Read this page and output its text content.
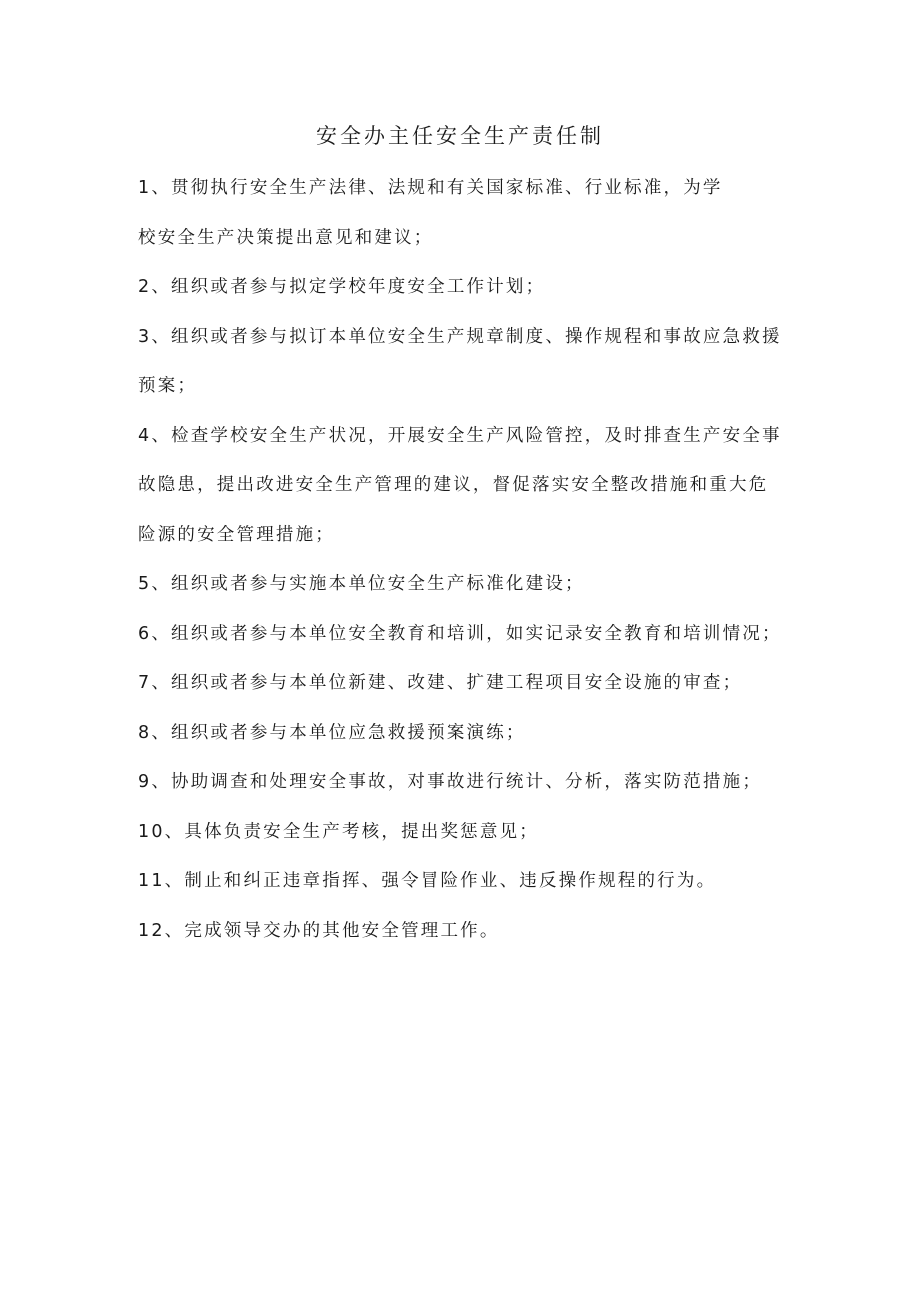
安全办主任安全生产责任制
1、贯彻执行安全生产法律、法规和有关国家标准、行业标准，为学
校安全生产决策提出意见和建议；
2、组织或者参与拟定学校年度安全工作计划；
3、组织或者参与拟订本单位安全生产规章制度、操作规程和事故应急救援
预案；
4、检查学校安全生产状况，开展安全生产风险管控，及时排查生产安全事
故隐患，提出改进安全生产管理的建议，督促落实安全整改措施和重大危
险源的安全管理措施；
5、组织或者参与实施本单位安全生产标准化建设；
6、组织或者参与本单位安全教育和培训，如实记录安全教育和培训情况；
7、组织或者参与本单位新建、改建、扩建工程项目安全设施的审查；
8、组织或者参与本单位应急救援预案演练；
9、协助调查和处理安全事故，对事故进行统计、分析，落实防范措施；
10、具体负责安全生产考核，提出奖惩意见；
11、制止和纠正违章指挥、强令冒险作业、违反操作规程的行为。
12、完成领导交办的其他安全管理工作。
